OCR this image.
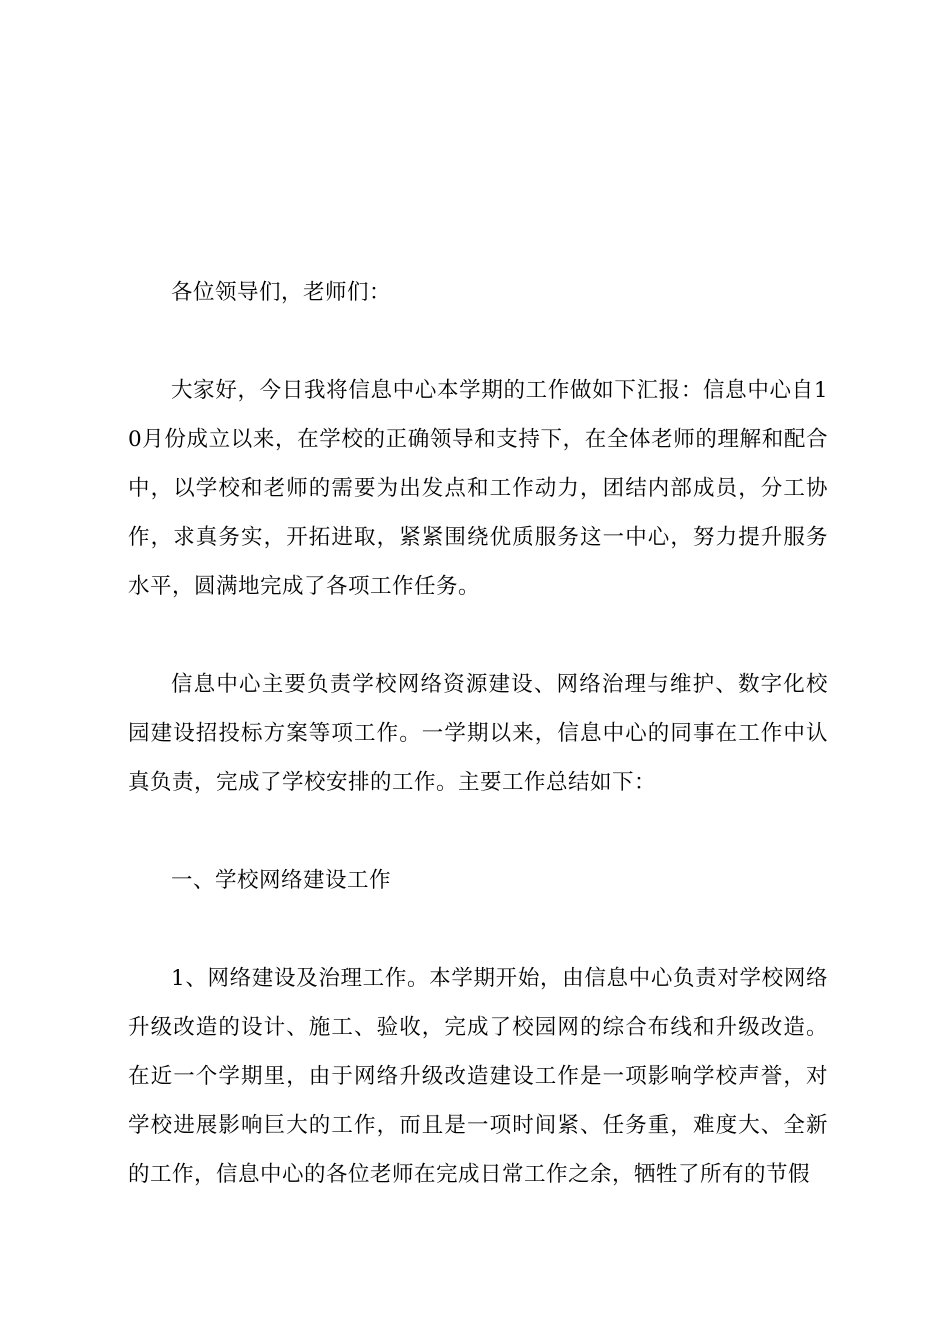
各位领导们，老师们：

大家好，今日我将信息中心本学期的工作做如下汇报：信息中心自10月份成立以来，在学校的正确领导和支持下，在全体老师的理解和配合中，以学校和老师的需要为出发点和工作动力，团结内部成员，分工协作，求真务实，开拓进取，紧紧围绕优质服务这一中心，努力提升服务水平，圆满地完成了各项工作任务。

信息中心主要负责学校网络资源建设、网络治理与维护、数字化校园建设招投标方案等项工作。一学期以来，信息中心的同事在工作中认真负责，完成了学校安排的工作。主要工作总结如下：

一、学校网络建设工作

1、网络建设及治理工作。本学期开始，由信息中心负责对学校网络升级改造的设计、施工、验收，完成了校园网的综合布线和升级改造。在近一个学期里，由于网络升级改造建设工作是一项影响学校声誉，对学校进展影响巨大的工作，而且是一项时间紧、任务重，难度大、全新的工作，信息中心的各位老师在完成日常工作之余，牺牲了所有的节假
